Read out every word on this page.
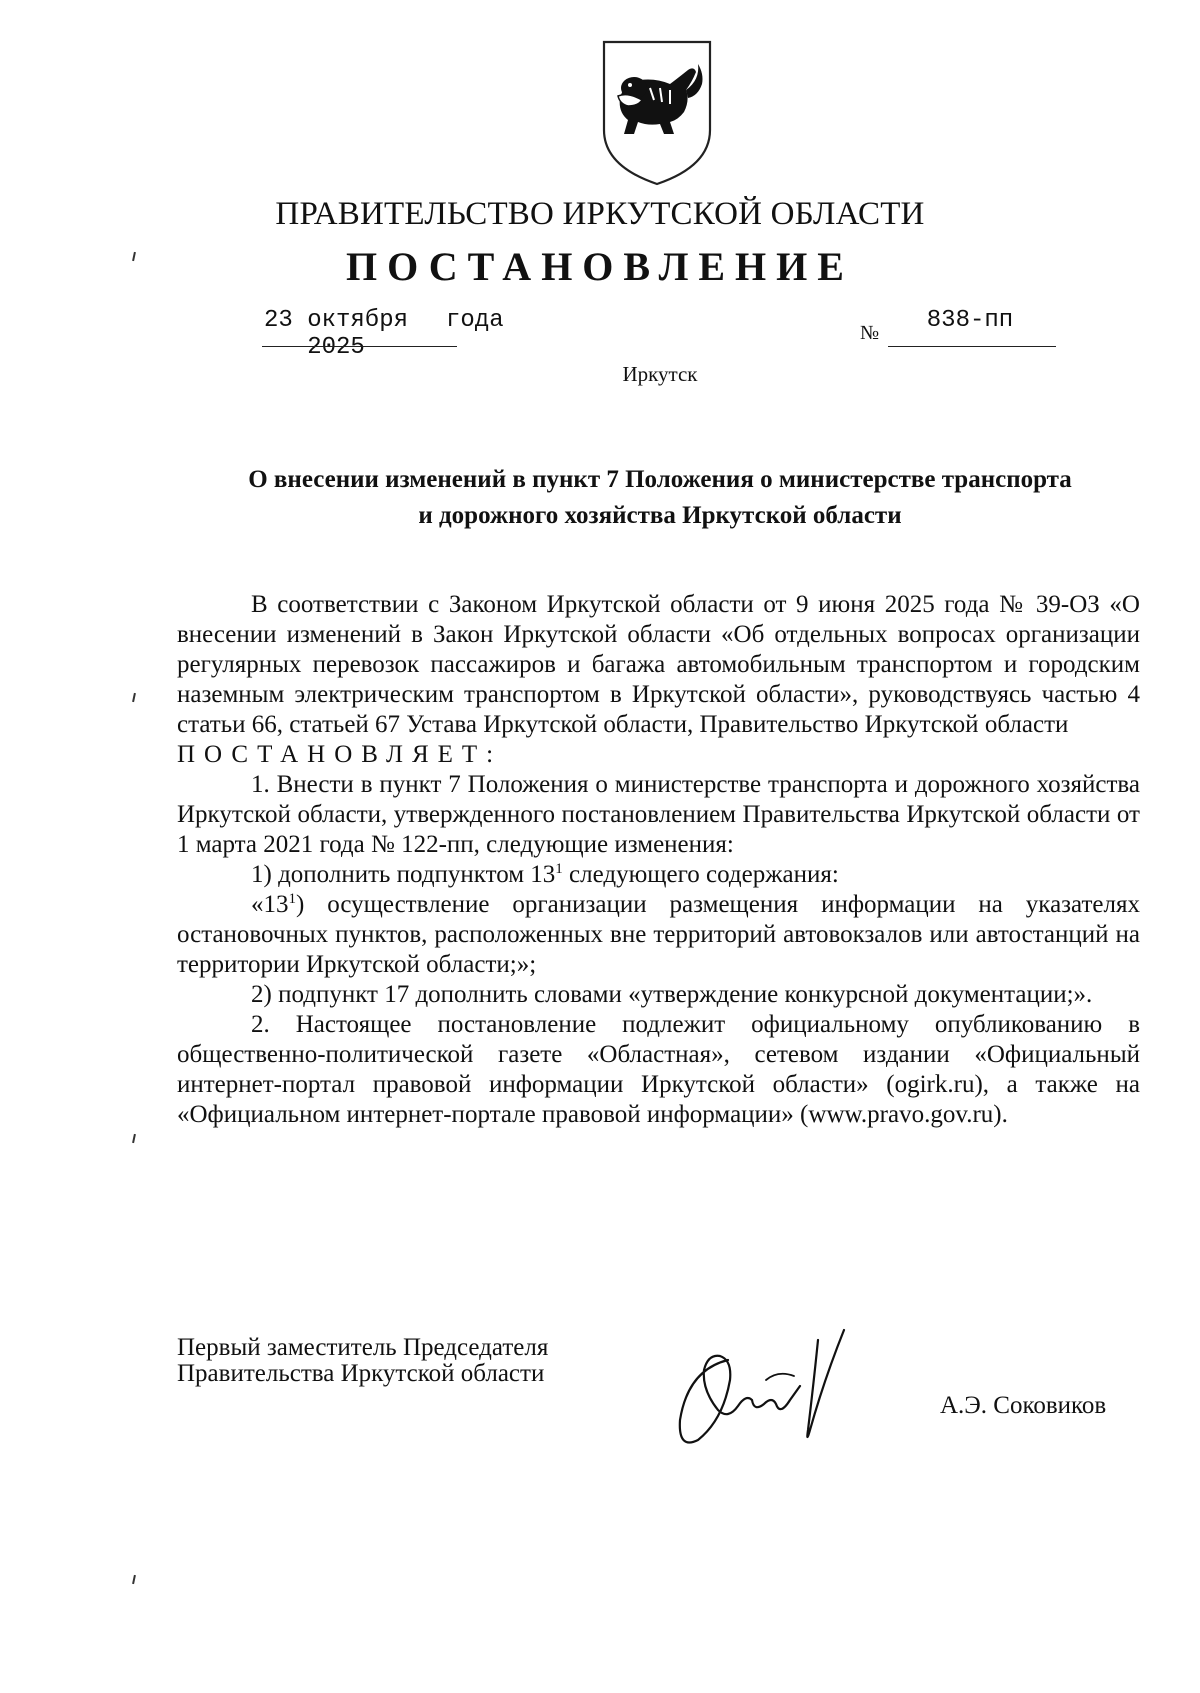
ПРАВИТЕЛЬСТВО ИРКУТСКОЙ ОБЛАСТИ
ПОСТАНОВЛЕНИЕ
23 октября 2025
года	№	838-пп
Иркутск
О внесении изменений в пункт 7 Положения о министерстве транспорта
и дорожного хозяйства Иркутской области

В соответствии с Законом Иркутской области от 9 июня 2025 года № 39-ОЗ «О внесении изменений в Закон Иркутской области «Об отдельных вопросах организации регулярных перевозок пассажиров и багажа автомобильным транспортом и городским наземным электрическим транспортом в Иркутской области», руководствуясь частью 4 статьи 66, статьей 67 Устава Иркутской области, Правительство Иркутской области

ПОСТАНОВЛЯЕТ:

1. Внести в пункт 7 Положения о министерстве транспорта и дорожного хозяйства Иркутской области, утвержденного постановлением Правительства Иркутской области от 1 марта 2021 года № 122-пп, следующие изменения:

1) дополнить подпунктом $13^1$ следующего содержания:

«$13^1$) осуществление организации размещения информации на указателях остановочных пунктов, расположенных вне территорий автовокзалов или автостанций на территории Иркутской области;»;

2) подпункт 17 дополнить словами «утверждение конкурсной документации;».

2. Настоящее постановление подлежит официальному опубликованию в общественно-политической газете «Областная», сетевом издании «Официальный интернет-портал правовой информации Иркутской области» (ogirk.ru), а также на «Официальном интернет-портале правовой информации» (www.pravo.gov.ru).

Первый заместитель Председателя
Правительства Иркутской области
А.Э. Соковиков
